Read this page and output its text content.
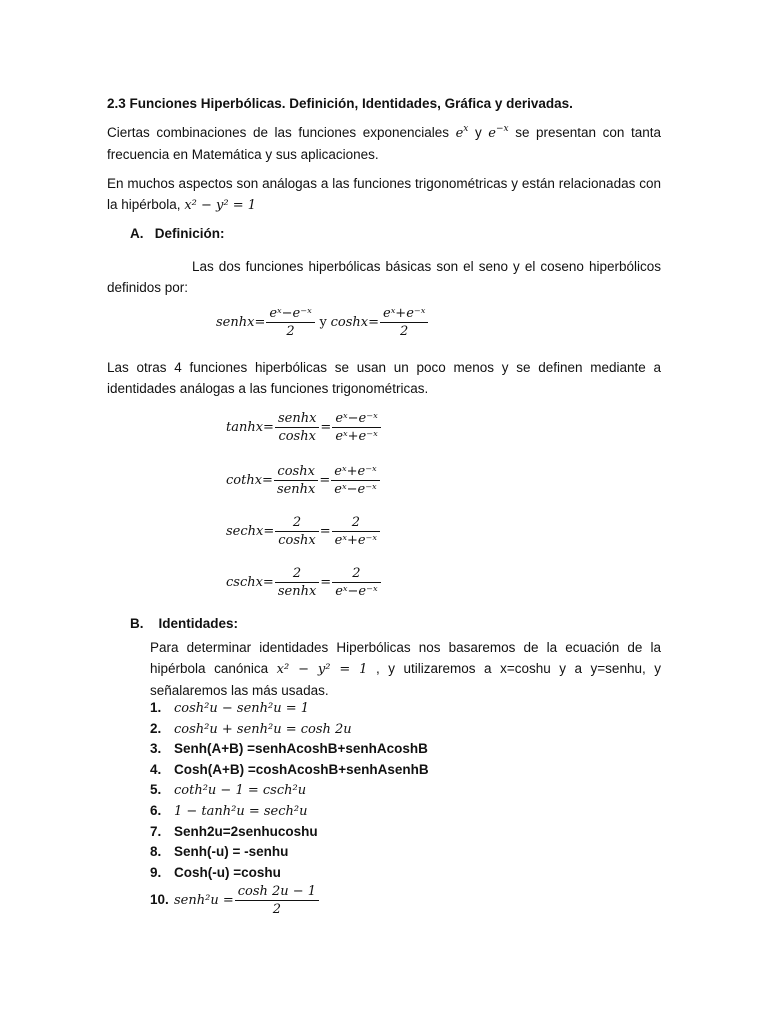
2.3 Funciones Hiperbólicas. Definición, Identidades, Gráfica y derivadas.
Ciertas combinaciones de las funciones exponenciales $e^x$ y $e^{-x}$ se presentan con tanta frecuencia en Matemática y sus aplicaciones.
En muchos aspectos son análogas a las funciones trigonométricas y están relacionadas con la hipérbola, x² − y² = 1
A. Definición:
Las dos funciones hiperbólicas básicas son el seno y el coseno hiperbólicos definidos por:
senhx= $\frac{\text{eˣ−e⁻ˣ}}{2}$ y $\cosh x= \frac{\text{eˣ+e⁻ˣ}}{2}$
Las otras 4 funciones hiperbólicas se usan un poco menos y se definen mediante a identidades análogas a las funciones trigonométricas.
$\tanh x= \frac{\text{senhx}}{\cosh x} = \frac{\text{eˣ−e⁻ˣ}}{\text{eˣ+e⁻ˣ}}$
cothx= $\frac{\cosh x}{\text{senhx}} = \frac{\text{eˣ+e⁻ˣ}}{\text{eˣ−e⁻ˣ}}$
sechx= $\frac{2}{\cosh x} = \frac{2}{\text{eˣ+e⁻ˣ}}$
cschx= $\frac{2}{\text{senhx}} = \frac{2}{\text{eˣ−e⁻ˣ}}$
B. Identidades:
Para determinar identidades Hiperbólicas nos basaremos de la ecuación de la hipérbola canónica x² − y² = 1 , y utilizaremos a x=coshu y a y=senhu, y señalaremos las más usadas.
1. cosh²u − senh²u = 1
2. cosh²u + senh²u = cosh 2u
3. Senh(A+B) =senhAcoshB+senhAcoshB
4. Cosh(A+B) =coshAcoshB+senhAsenhB
5. coth²u − 1 = csch²u
6. 1 − tanh²u = sech²u
7. Senh2u=2senhucoshu
8. Senh(-u) = -senhu
9. Cosh(-u) =coshu
10. senh²u = $\frac{\cosh 2u - 1}{2}$
